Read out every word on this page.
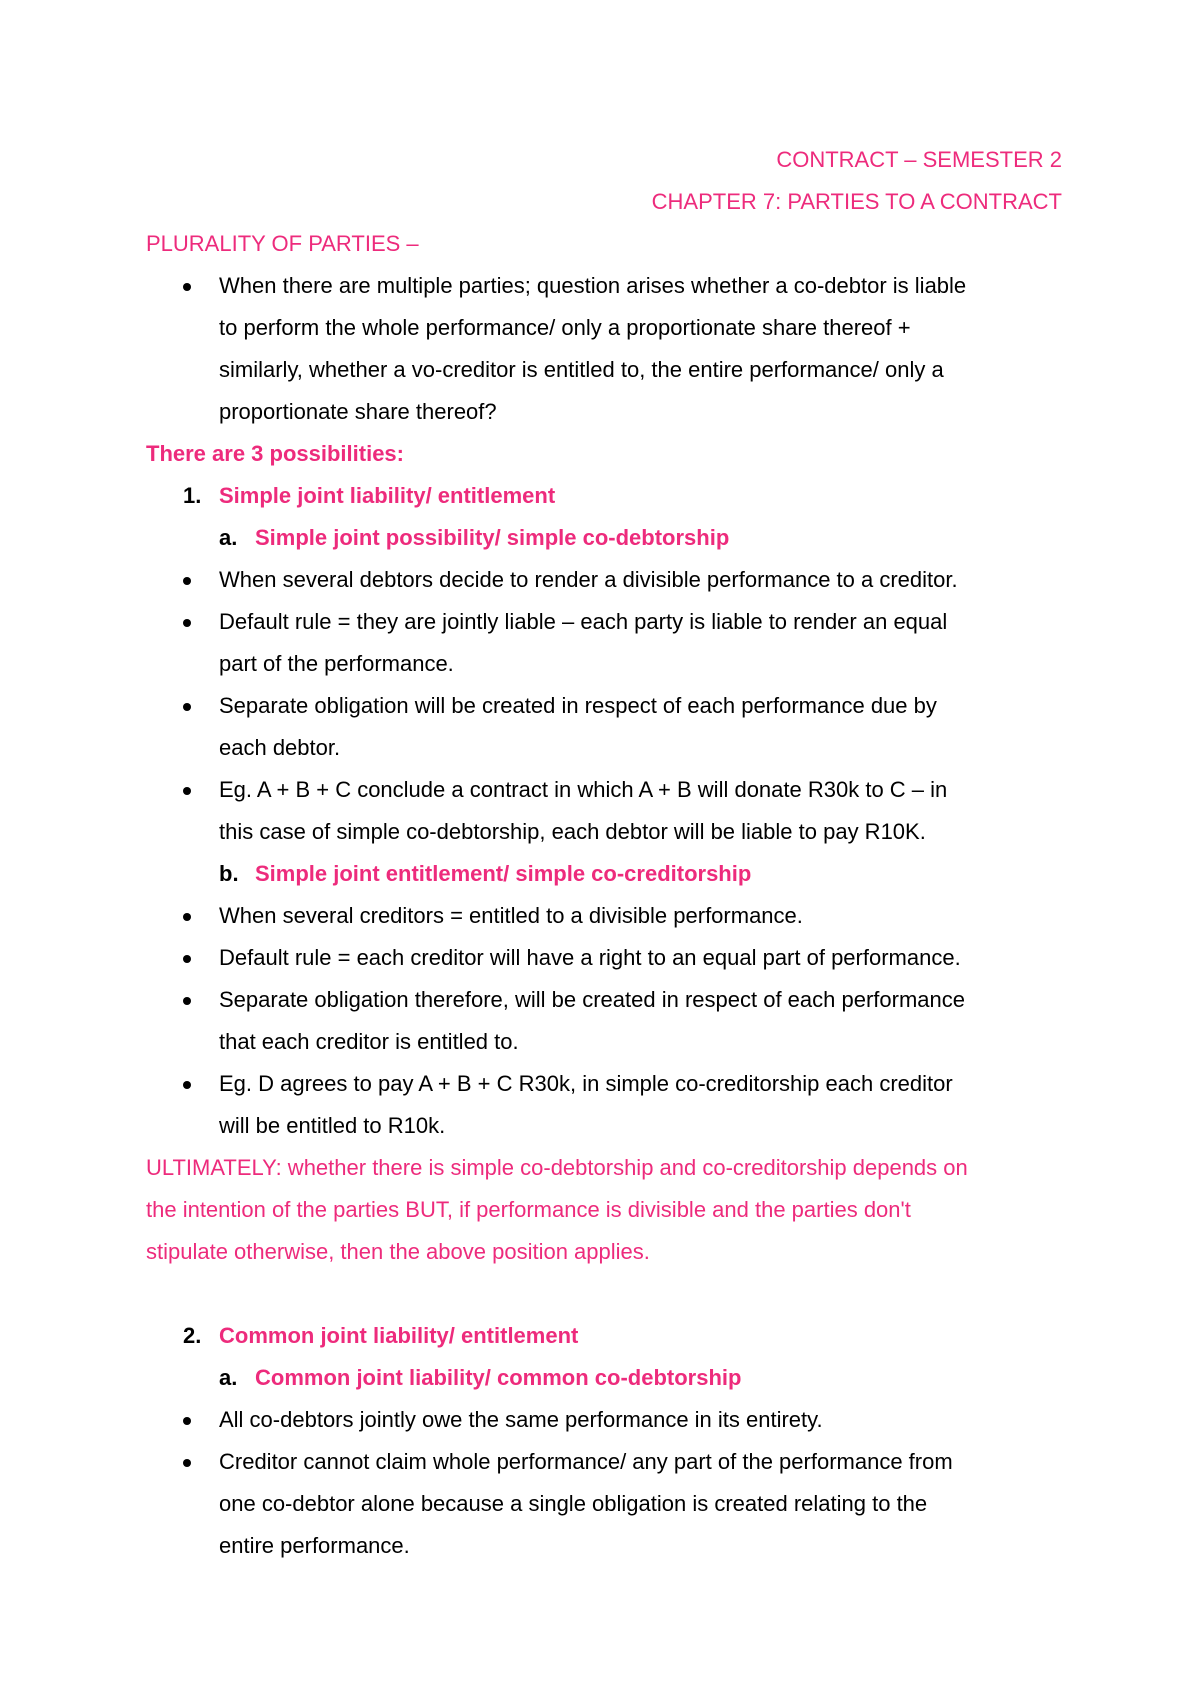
CONTRACT – SEMESTER 2
CHAPTER 7: PARTIES TO A CONTRACT
PLURALITY OF PARTIES –
When there are multiple parties; question arises whether a co-debtor is liable
to perform the whole performance/ only a proportionate share thereof +
similarly, whether a vo-creditor is entitled to, the entire performance/ only a
proportionate share thereof?
There are 3 possibilities:
1. Simple joint liability/ entitlement
a. Simple joint possibility/ simple co-debtorship
When several debtors decide to render a divisible performance to a creditor.
Default rule = they are jointly liable – each party is liable to render an equal
part of the performance.
Separate obligation will be created in respect of each performance due by
each debtor.
Eg. A + B + C conclude a contract in which A + B will donate R30k to C – in
this case of simple co-debtorship, each debtor will be liable to pay R10K.
b. Simple joint entitlement/ simple co-creditorship
When several creditors = entitled to a divisible performance.
Default rule = each creditor will have a right to an equal part of performance.
Separate obligation therefore, will be created in respect of each performance
that each creditor is entitled to.
Eg. D agrees to pay A + B + C R30k, in simple co-creditorship each creditor
will be entitled to R10k.
ULTIMATELY: whether there is simple co-debtorship and co-creditorship depends on
the intention of the parties BUT, if performance is divisible and the parties don't
stipulate otherwise, then the above position applies.
2. Common joint liability/ entitlement
a. Common joint liability/ common co-debtorship
All co-debtors jointly owe the same performance in its entirety.
Creditor cannot claim whole performance/ any part of the performance from
one co-debtor alone because a single obligation is created relating to the
entire performance.
